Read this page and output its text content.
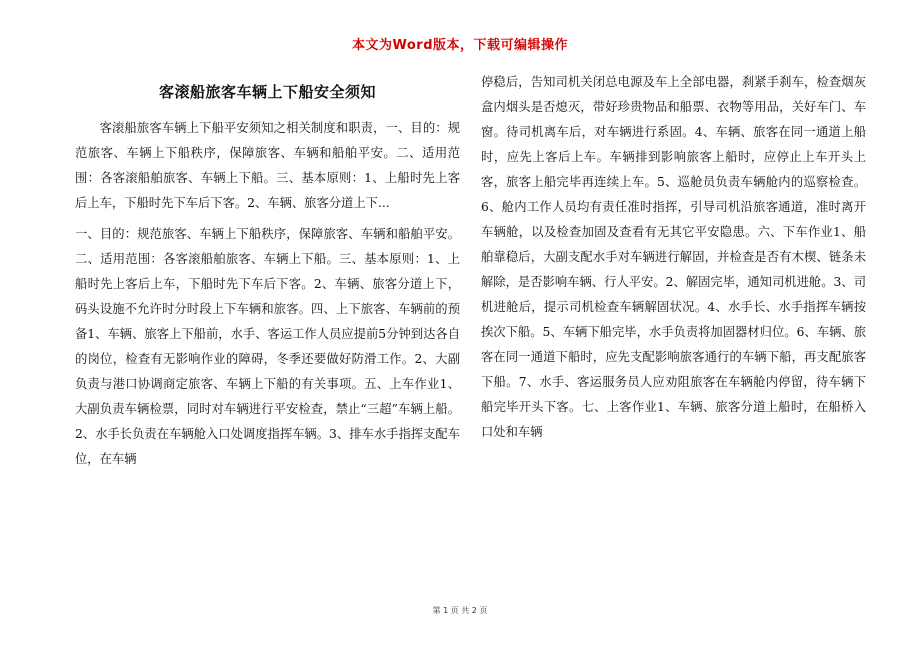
本文为Word版本，下载可编辑操作
客滚船旅客车辆上下船安全须知

客滚船旅客车辆上下船平安须知之相关制度和职责，一、目的：规范旅客、车辆上下船秩序，保障旅客、车辆和船舶平安。二、适用范围：各客滚船舶旅客、车辆上下船。三、基本原则：1、上船时先上客后上车，下船时先下车后下客。2、车辆、旅客分道上下...

一、目的：规范旅客、车辆上下船秩序，保障旅客、车辆和船舶平安。二、适用范围：各客滚船舶旅客、车辆上下船。三、基本原则：1、上船时先上客后上车，下船时先下车后下客。2、车辆、旅客分道上下，码头设施不允许时分时段上下车辆和旅客。四、上下旅客、车辆前的预备1、车辆、旅客上下船前，水手、客运工作人员应提前5分钟到达各自的岗位，检查有无影响作业的障碍，冬季还要做好防滑工作。2、大副负责与港口协调商定旅客、车辆上下船的有关事项。五、上车作业1、大副负责车辆检票，同时对车辆进行平安检查，禁止“三超”车辆上船。2、水手长负责在车辆舱入口处调度指挥车辆。3、排车水手指挥支配车位，在车辆

停稳后，告知司机关闭总电源及车上全部电器，刹紧手刹车，检查烟灰盒内烟头是否熄灭，带好珍贵物品和船票、衣物等用品，关好车门、车窗。待司机离车后，对车辆进行系固。4、车辆、旅客在同一通道上船时，应先上客后上车。车辆排到影响旅客上船时，应停止上车开头上客，旅客上船完毕再连续上车。5、巡舱员负责车辆舱内的巡察检查。6、舱内工作人员均有责任准时指挥，引导司机沿旅客通道，准时离开车辆舱，以及检查加固及查看有无其它平安隐患。六、下车作业1、船舶靠稳后，大副支配水手对车辆进行解固，并检查是否有木楔、链条未解除，是否影响车辆、行人平安。2、解固完毕，通知司机进舱。3、司机进舱后，提示司机检查车辆解固状况。4、水手长、水手指挥车辆按挨次下船。5、车辆下船完毕，水手负责将加固器材归位。6、车辆、旅客在同一通道下船时，应先支配影响旅客通行的车辆下船，再支配旅客下船。7、水手、客运服务员人应劝阻旅客在车辆舱内停留，待车辆下船完毕开头下客。七、上客作业1、车辆、旅客分道上船时，在船桥入口处和车辆

第 1 页 共 2 页
